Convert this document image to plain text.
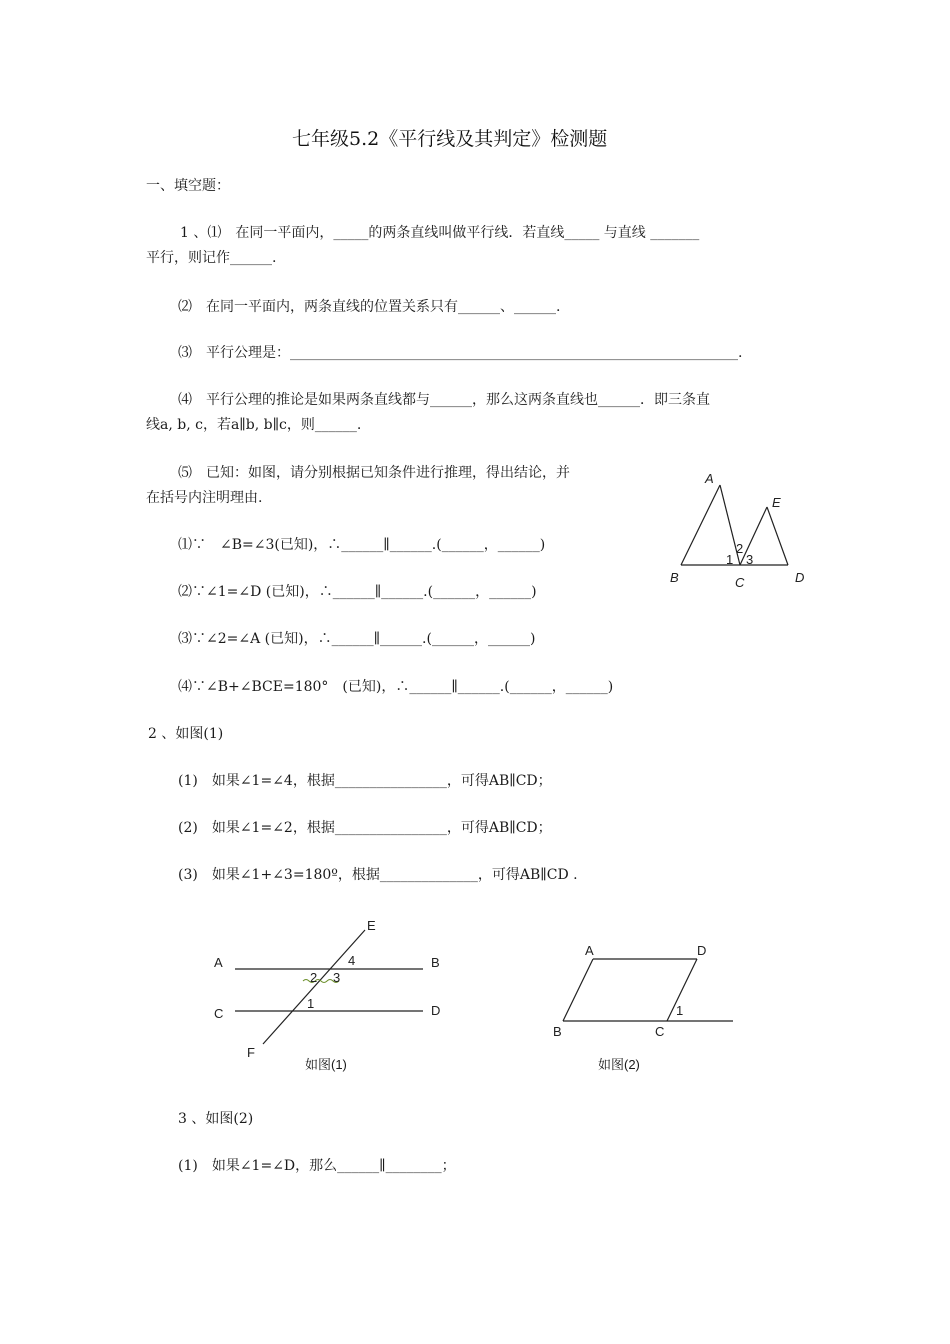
七年级5.2《平行线及其判定》检测题
一、填空题：
1 、⑴　在同一平面内，_____的两条直线叫做平行线．若直线_____ 与直线 _______
平行，则记作______.
⑵　在同一平面内，两条直线的位置关系只有______、______.
⑶　平行公理是：________________________________________________________________.
⑷　平行公理的推论是如果两条直线都与______，那么这两条直线也______．即三条直
线a, b, c，若a∥b, b∥c，则______.
⑸　已知：如图，请分别根据已知条件进行推理，得出结论，并
在括号内注明理由.
⑴∵　∠B=∠3(已知)，∴______∥______.(______，______)
⑵∵∠1=∠D (已知)，∴______∥______.(______，______)
⑶∵∠2=∠A (已知)，∴______∥______.(______，______)
⑷∵∠B+∠BCE=180°　(已知)，∴______∥______.(______，______)
A
E
B	C	D
1
2
3
2 、如图(1)
(1)　如果∠1=∠4，根据________________，可得AB∥CD；
(2)　如果∠1=∠2，根据________________，可得AB∥CD；
(3)　如果∠1+∠3=180º，根据______________，可得AB∥CD .
A	B
C	D
E
F
2 3
4
1
如图(1)
A	D
B	C
1
如图(2)
3 、如图(2)
(1)　如果∠1=∠D，那么______∥________；
